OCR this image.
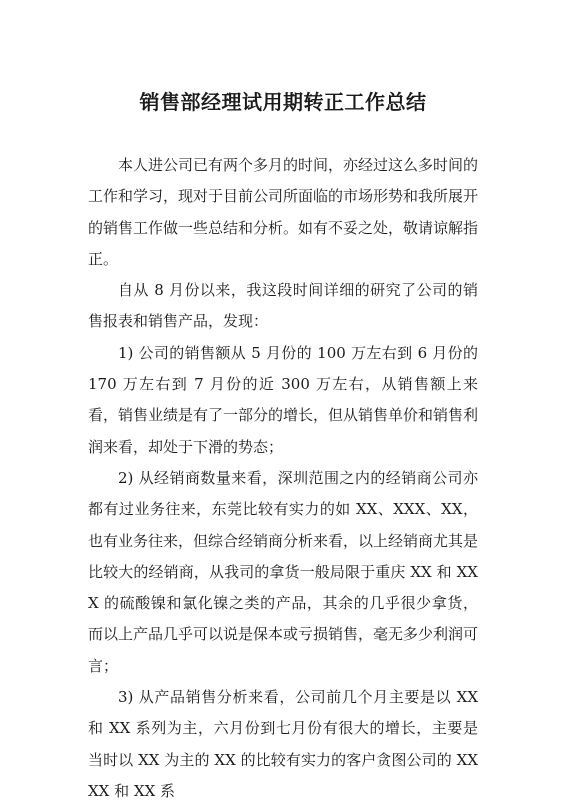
销售部经理试用期转正工作总结

本人进公司已有两个多月的时间，亦经过这么多时间的工作和学习，现对于目前公司所面临的市场形势和我所展开的销售工作做一些总结和分析。如有不妥之处，敬请谅解指正。

自从 8 月份以来，我这段时间详细的研究了公司的销售报表和销售产品，发现：

1) 公司的销售额从 5 月份的 100 万左右到 6 月份的 170 万左右到 7 月份的近 300 万左右，从销售额上来看，销售业绩是有了一部分的增长，但从销售单价和销售利润来看，却处于下滑的势态；

2) 从经销商数量来看，深圳范围之内的经销商公司亦都有过业务往来，东莞比较有实力的如 XX、XXX、XX，也有业务往来，但综合经销商分析来看，以上经销商尤其是比较大的经销商，从我司的拿货一般局限于重庆 XX 和 XXX 的硫酸镍和氯化镍之类的产品，其余的几乎很少拿货，而以上产品几乎可以说是保本或亏损销售，毫无多少利润可言；

3) 从产品销售分析来看，公司前几个月主要是以 XX 和 XX 系列为主，六月份到七月份有很大的增长，主要是当时以 XX 为主的 XX 的比较有实力的客户贪图公司的 XXXX 和 XX 系
